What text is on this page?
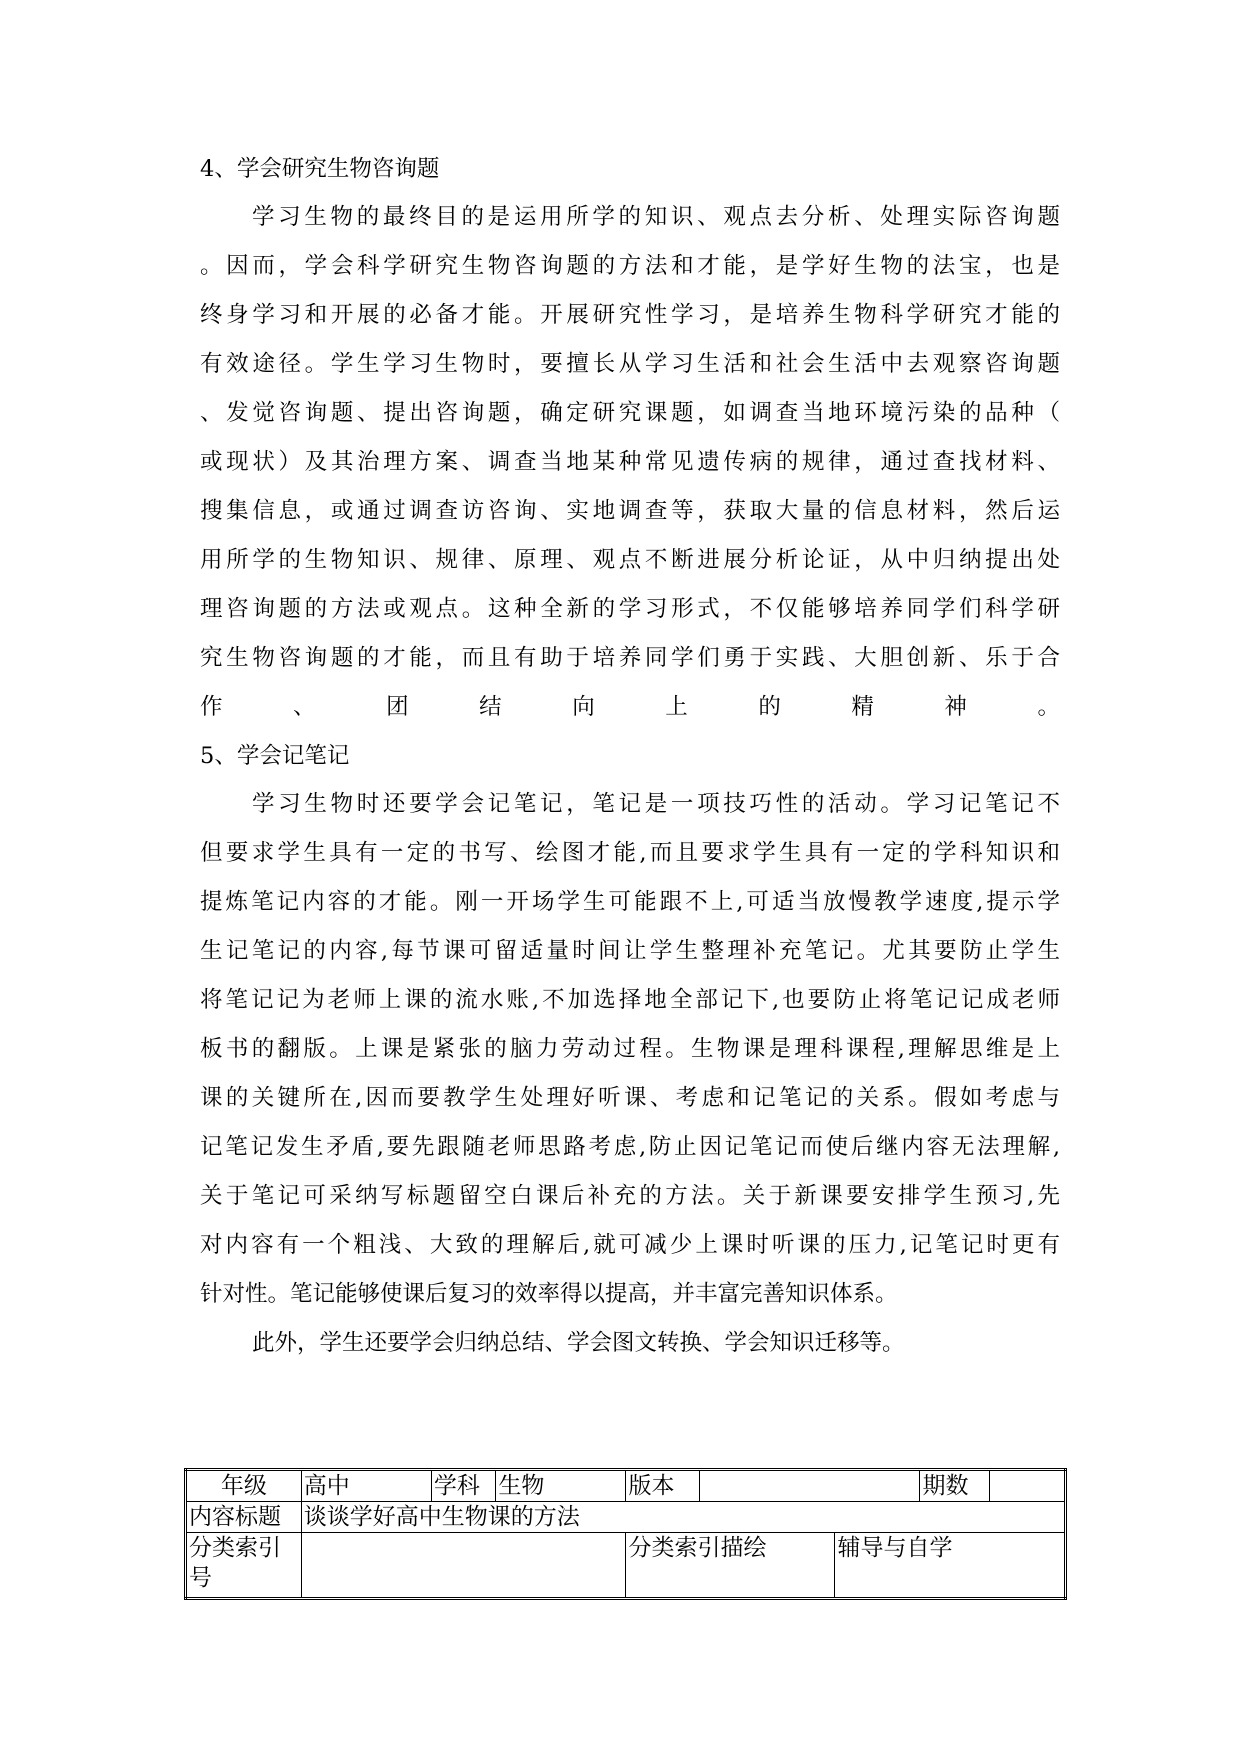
4、学会研究生物咨询题
学习生物的最终目的是运用所学的知识、观点去分析、处理实际咨询题
。因而，学会科学研究生物咨询题的方法和才能，是学好生物的法宝，也是
终身学习和开展的必备才能。开展研究性学习，是培养生物科学研究才能的
有效途径。学生学习生物时，要擅长从学习生活和社会生活中去观察咨询题
、发觉咨询题、提出咨询题，确定研究课题，如调查当地环境污染的品种（
或现状）及其治理方案、调查当地某种常见遗传病的规律，通过查找材料、
搜集信息，或通过调查访咨询、实地调查等，获取大量的信息材料，然后运
用所学的生物知识、规律、原理、观点不断进展分析论证，从中归纳提出处
理咨询题的方法或观点。这种全新的学习形式，不仅能够培养同学们科学研
究生物咨询题的才能，而且有助于培养同学们勇于实践、大胆创新、乐于合
作、团结向上的精神。
5、学会记笔记
学习生物时还要学会记笔记，笔记是一项技巧性的活动。学习记笔记不
但要求学生具有一定的书写、绘图才能,而且要求学生具有一定的学科知识和
提炼笔记内容的才能。刚一开场学生可能跟不上,可适当放慢教学速度,提示学
生记笔记的内容,每节课可留适量时间让学生整理补充笔记。尤其要防止学生
将笔记记为老师上课的流水账,不加选择地全部记下,也要防止将笔记记成老师
板书的翻版。上课是紧张的脑力劳动过程。生物课是理科课程,理解思维是上
课的关键所在,因而要教学生处理好听课、考虑和记笔记的关系。假如考虑与
记笔记发生矛盾,要先跟随老师思路考虑,防止因记笔记而使后继内容无法理解,
关于笔记可采纳写标题留空白课后补充的方法。关于新课要安排学生预习,先
对内容有一个粗浅、大致的理解后,就可减少上课时听课的压力,记笔记时更有
针对性。笔记能够使课后复习的效率得以提高，并丰富完善知识体系。
此外，学生还要学会归纳总结、学会图文转换、学会知识迁移等。
年级	高中	学科	生物	版本			期数	
内容标题	谈谈学好高中生物课的方法							
分类索引号				分类索引描绘		辅导与自学		
